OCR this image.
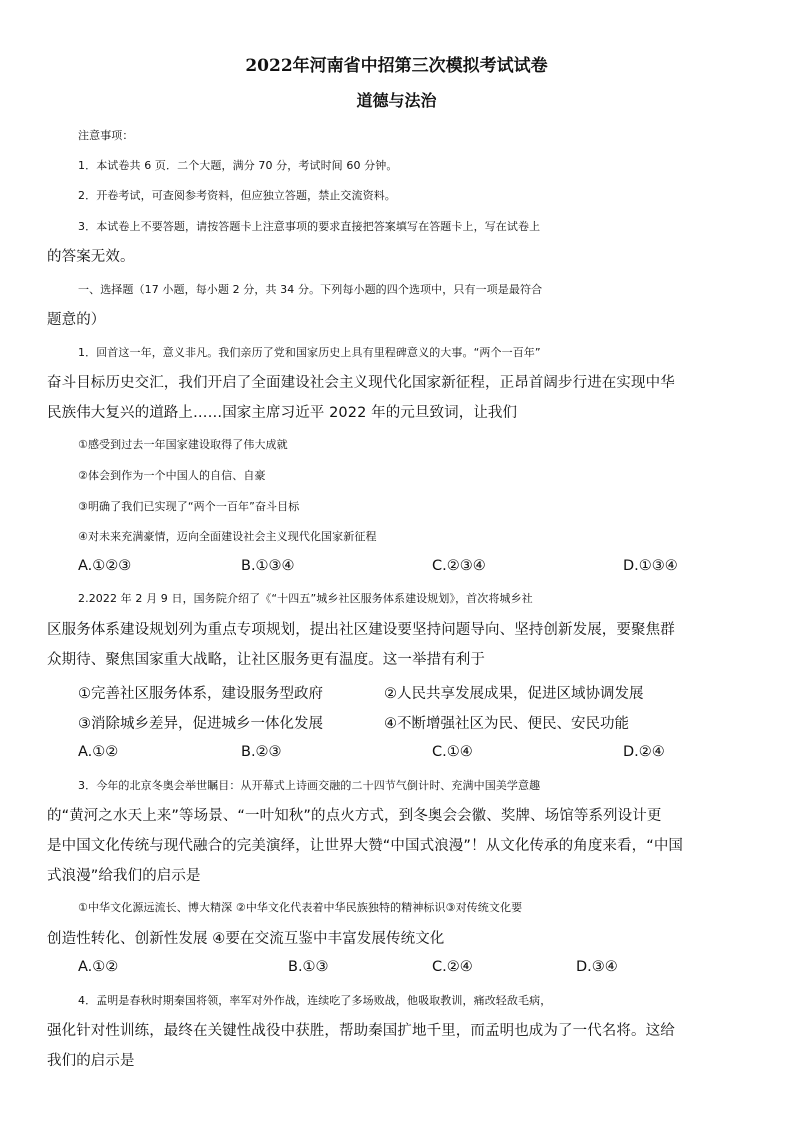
2022年河南省中招第三次模拟考试试卷
道德与法治
注意事项：
1．本试卷共 6 页．二个大题，满分 70 分，考试时间 60 分钟。
2．开卷考试，可查阅参考资料，但应独立答题，禁止交流资料。
3．本试卷上不要答题，请按答题卡上注意事项的要求直接把答案填写在答题卡上，写在试卷上
的答案无效。
一、选择题（17 小题，每小题 2 分，共 34 分。下列每小题的四个选项中，只有一项是最符合
题意的）
1．回首这一年，意义非凡。我们亲历了党和国家历史上具有里程碑意义的大事。“两个一百年”
奋斗目标历史交汇，我们开启了全面建设社会主义现代化国家新征程，正昂首阔步行进在实现中华
民族伟大复兴的道路上……国家主席习近平 2022 年的元旦致词，让我们
①感受到过去一年国家建设取得了伟大成就
②体会到作为一个中国人的自信、自豪
③明确了我们已实现了“两个一百年”奋斗目标
④对未来充满豪情，迈向全面建设社会主义现代化国家新征程
A.①②③	B.①③④	C.②③④	D.①③④
2.2022 年 2 月 9 日，国务院介绍了《“十四五”城乡社区服务体系建设规划》，首次将城乡社
区服务体系建设规划列为重点专项规划，提出社区建设要坚持问题导向、坚持创新发展，要聚焦群
众期待、聚焦国家重大战略，让社区服务更有温度。这一举措有利于
①完善社区服务体系，建设服务型政府	②人民共享发展成果，促进区域协调发展
③消除城乡差异，促进城乡一体化发展	④不断增强社区为民、便民、安民功能
A.①②	B.②③	C.①④	D.②④
3．今年的北京冬奥会举世瞩目：从开幕式上诗画交融的二十四节气倒计时、充满中国美学意趣
的“黄河之水天上来”等场景、“一叶知秋”的点火方式，到冬奥会会徽、奖牌、场馆等系列设计更
是中国文化传统与现代融合的完美演绎，让世界大赞“中国式浪漫”！从文化传承的角度来看，“中国
式浪漫”给我们的启示是
①中华文化源远流长、博大精深 ②中华文化代表着中华民族独特的精神标识③对传统文化要
创造性转化、创新性发展 ④要在交流互鉴中丰富发展传统文化
A.①②	B.①③	C.②④	D.③④
4．孟明是春秋时期秦国将领，率军对外作战，连续吃了多场败战，他吸取教训，痛改轻敌毛病，
强化针对性训练，最终在关键性战役中获胜，帮助秦国扩地千里，而孟明也成为了一代名将。这给
我们的启示是
